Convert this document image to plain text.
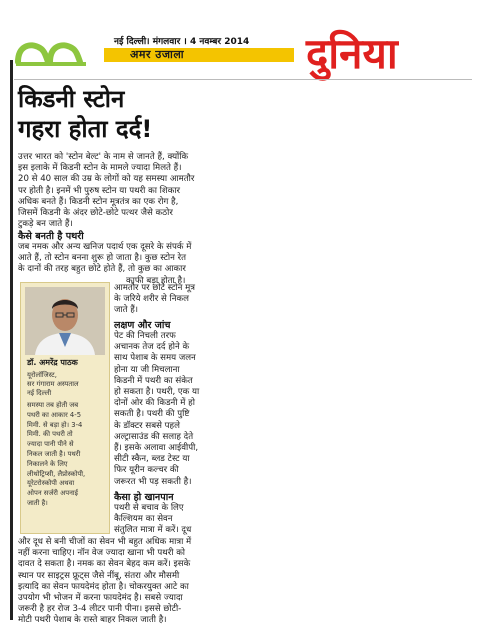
नई दिल्ली। मंगलवार । 4 नवम्बर 2014
अमर उजाला	दुनिया
किडनी स्टोन
गहरा होता दर्द!
उत्तर भारत को 'स्टोन बेल्ट' के नाम से जानते हैं, क्योंकि
इस इलाके में किडनी स्टोन के मामले ज्यादा मिलते हैं।
20 से 40 साल की उम्र के लोगों को यह समस्या आमतौर
पर होती है। इनमें भी पुरुष स्टोन या पथरी का शिकार
अधिक बनते हैं। किडनी स्टोन मूत्रतंत्र का एक रोग है,
जिसमें किडनी के अंदर छोटे-छोटे पत्थर जैसे कठोर
टुकड़े बन जाते हैं।
कैसे बनती है पथरी
जब नमक और अन्य खनिज पदार्थ एक दूसरे के संपर्क में
आते हैं, तो स्टोन बनना शुरू हो जाता है। कुछ स्टोन रेत
के दानों की तरह बहुत छोटे होते हैं, तो कुछ का आकार
काफी बड़ा होता है।
डॉ. अमरेंद्र पाठक
यूरोलॉजिस्ट,
सर गंगाराम अस्पताल
नई दिल्ली
समस्या तब होती जब
पथरी का आकार 4-5
मिमी. से बड़ा हो। 3-4
मिमी. की पथरी तो
ज्यादा पानी पीने से
निकल जाती है। पथरी
निकालने के लिए
लीथोट्रिप्सी, लैप्रोस्कोपी,
यूरेटरोस्कोपी अथवा
ओपन सर्जरी अपनाई
जाती है।
आमतौर पर छोटे स्टोन मूत्र
के जरिये शरीर से निकल
जाते हैं।
लक्षण और जांच
पेट की निचली तरफ
अचानक तेज दर्द होने के
साथ पेशाब के समय जलन
होना या जी मिचलाना
किडनी में पथरी का संकेत
हो सकता है। पथरी, एक या
दोनों ओर की किडनी में हो
सकती है। पथरी की पुष्टि
के डॉक्टर सबसे पहले
अल्ट्रासाउंड की सलाह देते
हैं। इसके अलावा आईवीपी,
सीटी स्कैन, ब्लड टेस्ट या
फिर यूरीन कल्चर की
जरूरत भी पड़ सकती है।
कैसा हो खानपान
पथरी से बचाव के लिए
कैल्शियम का सेवन
संतुलित मात्रा में करें। दूध
और दूध से बनी चीजों का सेवन भी बहुत अधिक मात्रा में
नहीं करना चाहिए। नॉन वेज ज्यादा खाना भी पथरी को
दावत दे सकता है। नमक का सेवन बेहद कम करें। इसके
स्थान पर साइट्रस फ्रूट्स जैसे नींबू, संतरा और मौसमी
इत्यादि का सेवन फायदेमंद होता है। चोकरयुक्त आटे का
उपयोग भी भोजन में करना फायदेमंद है। सबसे ज्यादा
जरूरी है हर रोज 3-4 लीटर पानी पीना। इससे छोटी-
मोटी पथरी पेशाब के रास्ते बाहर निकल जाती है।
